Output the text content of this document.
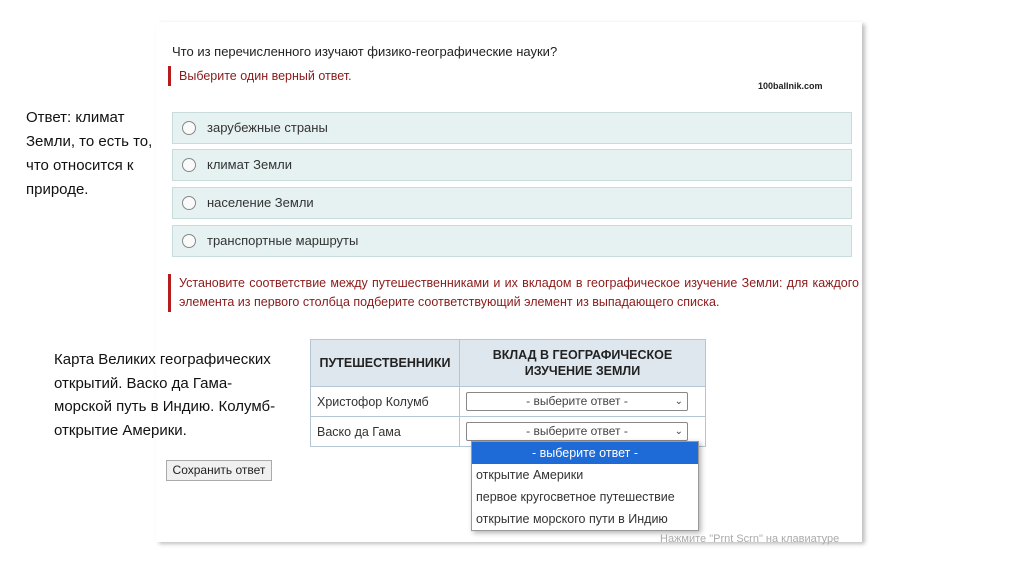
Что из перечисленного изучают физико-географические науки?
Выберите один верный ответ.
100ballnik.com
зарубежные страны
климат Земли
население Земли
транспортные маршруты
Установите соответствие между путешественниками и их вкладом в географическое изучение Земли: для каждого элемента из первого столбца подберите соответствующий элемент из выпадающего списка.
Ответ: климат Земли, то есть то, что относится к природе.
Карта Великих географических открытий. Васко да Гама- морской путь в Индию. Колумб- открытие Америки.
ПУТЕШЕСТВЕННИКИ	ВКЛАД В ГЕОГРАФИЧЕСКОЕ ИЗУЧЕНИЕ ЗЕМЛИ
Христофор Колумб	- выберите ответ - ⌄

Васко да Гама	- выберите ответ - ⌄
- выберите ответ -
открытие Америки
первое кругосветное путешествие
открытие морского пути в Индию
Сохранить ответ
Нажмите "Prnt Scrn" на клавиатуре
